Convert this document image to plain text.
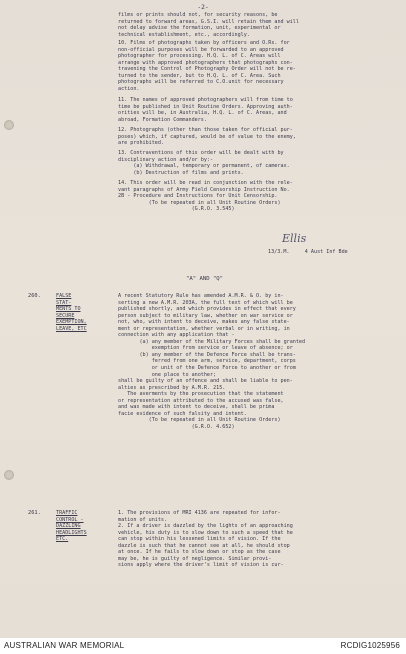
-2-
films or prints should not, for security reasons, be
returned to forward areas, G.S.I. will retain them and will
not delay advise the formation, unit, experimental or
technical establishment, etc., accordingly.
10. Films of photographs taken by officers and O.Rs. for
non-official purposes will be forwarded to an approved
photographer for processing. H.Q. L. of C. Areas will
arrange with approved photographers that photographs con-
travening the Control of Photography Order will not be re-
turned to the sender, but to H.Q. L. of C. Area. Such
photographs will be referred to C.O.unit for necessary
action.
11. The names of approved photographers will from time to
time be published in Unit Routine Orders. Approving auth-
orities will be, in Australia, H.Q. L. of C. Areas, and
abroad, Formation Commanders.
12. Photographs (other than those taken for official pur-
poses) which, if captured, would be of value to the enemy,
are prohibited.
13. Contraventions of this order will be dealt with by
disciplinary action and/or by:-
(a) Withdrawal, temporary or permanent, of cameras.
(b) Destruction of films and prints.
14. This order will be read in conjunction with the rele-
vant paragraphs of Army Field Censorship Instruction No.
2B - Procedure and Instructions for Unit Censorship.
(To be repeated in all Unit Routine Orders)
(G.R.O. 3.545)
Ellis
13/3.M.     4 Aust Inf Bde
"A" AND "Q"
260.	FALSE
STAT-
MENTS TO
SECURE
EXEMPTION,
LEAVE, ETC
A recent Statutory Rule has amended A.M.R. & O. by in-
serting a new A.M.R. 203A, the full text of which will be
published shortly, and which provides in effect that every
person subject to military law, whether on war service or
not, who, with intent to deceive, makes any false state-
ment or representation, whether verbal or in writing, in
connection with any application that -
(a) any member of the Military Forces shall be granted
exemption from service or leave of absence; or
(b) any member of the Defence Force shall be trans-
ferred from one arm, service, department, corps
or unit of the Defence Force to another or from
one place to another;
shall be guilty of an offence and shall be liable to pen-
alties as prescribed by A.M.R. 215.
The averments by the prosecution that the statement
or representation attributed to the accused was false,
and was made with intent to deceive, shall be prima
facie evidence of such falsity and intent.
(To be repeated in all Unit Routine Orders)
(G.R.O. 4.652)
261.	TRAFFIC
CONTROL -
DAZZLING
HEADLIGHTS
ETC.
1. The provisions of MRI 4136 are repeated for infor-
mation of units.
2. If a driver is dazzled by the lights of an approaching
vehicle, his duty is to slow down to such a speed that he
can stop within his lessened limits of vision. If the
dazzle is such that he cannot see at all, he should stop
at once. If he fails to slow down or stop as the case
may be, he is guilty of negligence. Similar provi-
sions apply where the driver's limit of vision is cur-
AUSTRALIAN WAR MEMORIAL	RCDIG1025956
